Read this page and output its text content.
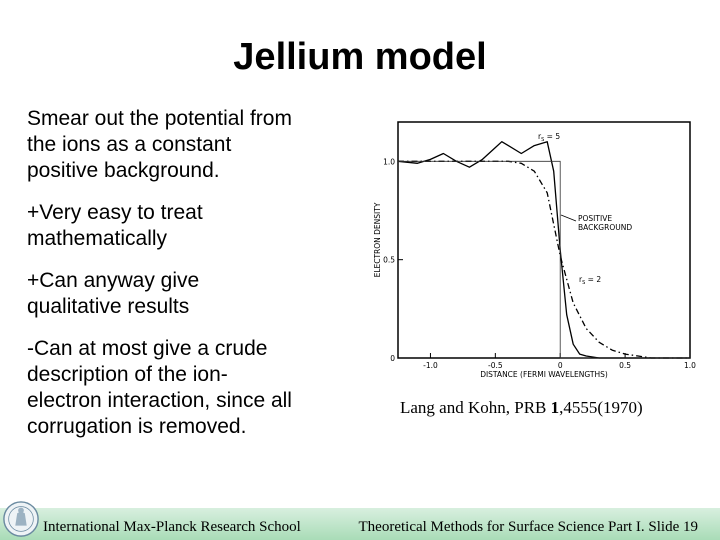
Jellium model
Smear out the potential from
the ions as a constant
positive background.
+Very easy to treat
mathematically
+Can anyway give
qualitative results
-Can at most give a crude
description of the ion-
electron interaction, since all
corrugation is removed.
-1.0	-0.5	0	0.5	1.0
0
0.5
1.0
ELECTRON DENSITY
DISTANCE (FERMI WAVELENGTHS)
POSITIVE BACKGROUND
$r_S = 5$
$r_S = 2$
Lang and Kohn, PRB 1,4555(1970)
International Max-Planck Research School	Theoretical Methods for Surface Science Part I. Slide 19
